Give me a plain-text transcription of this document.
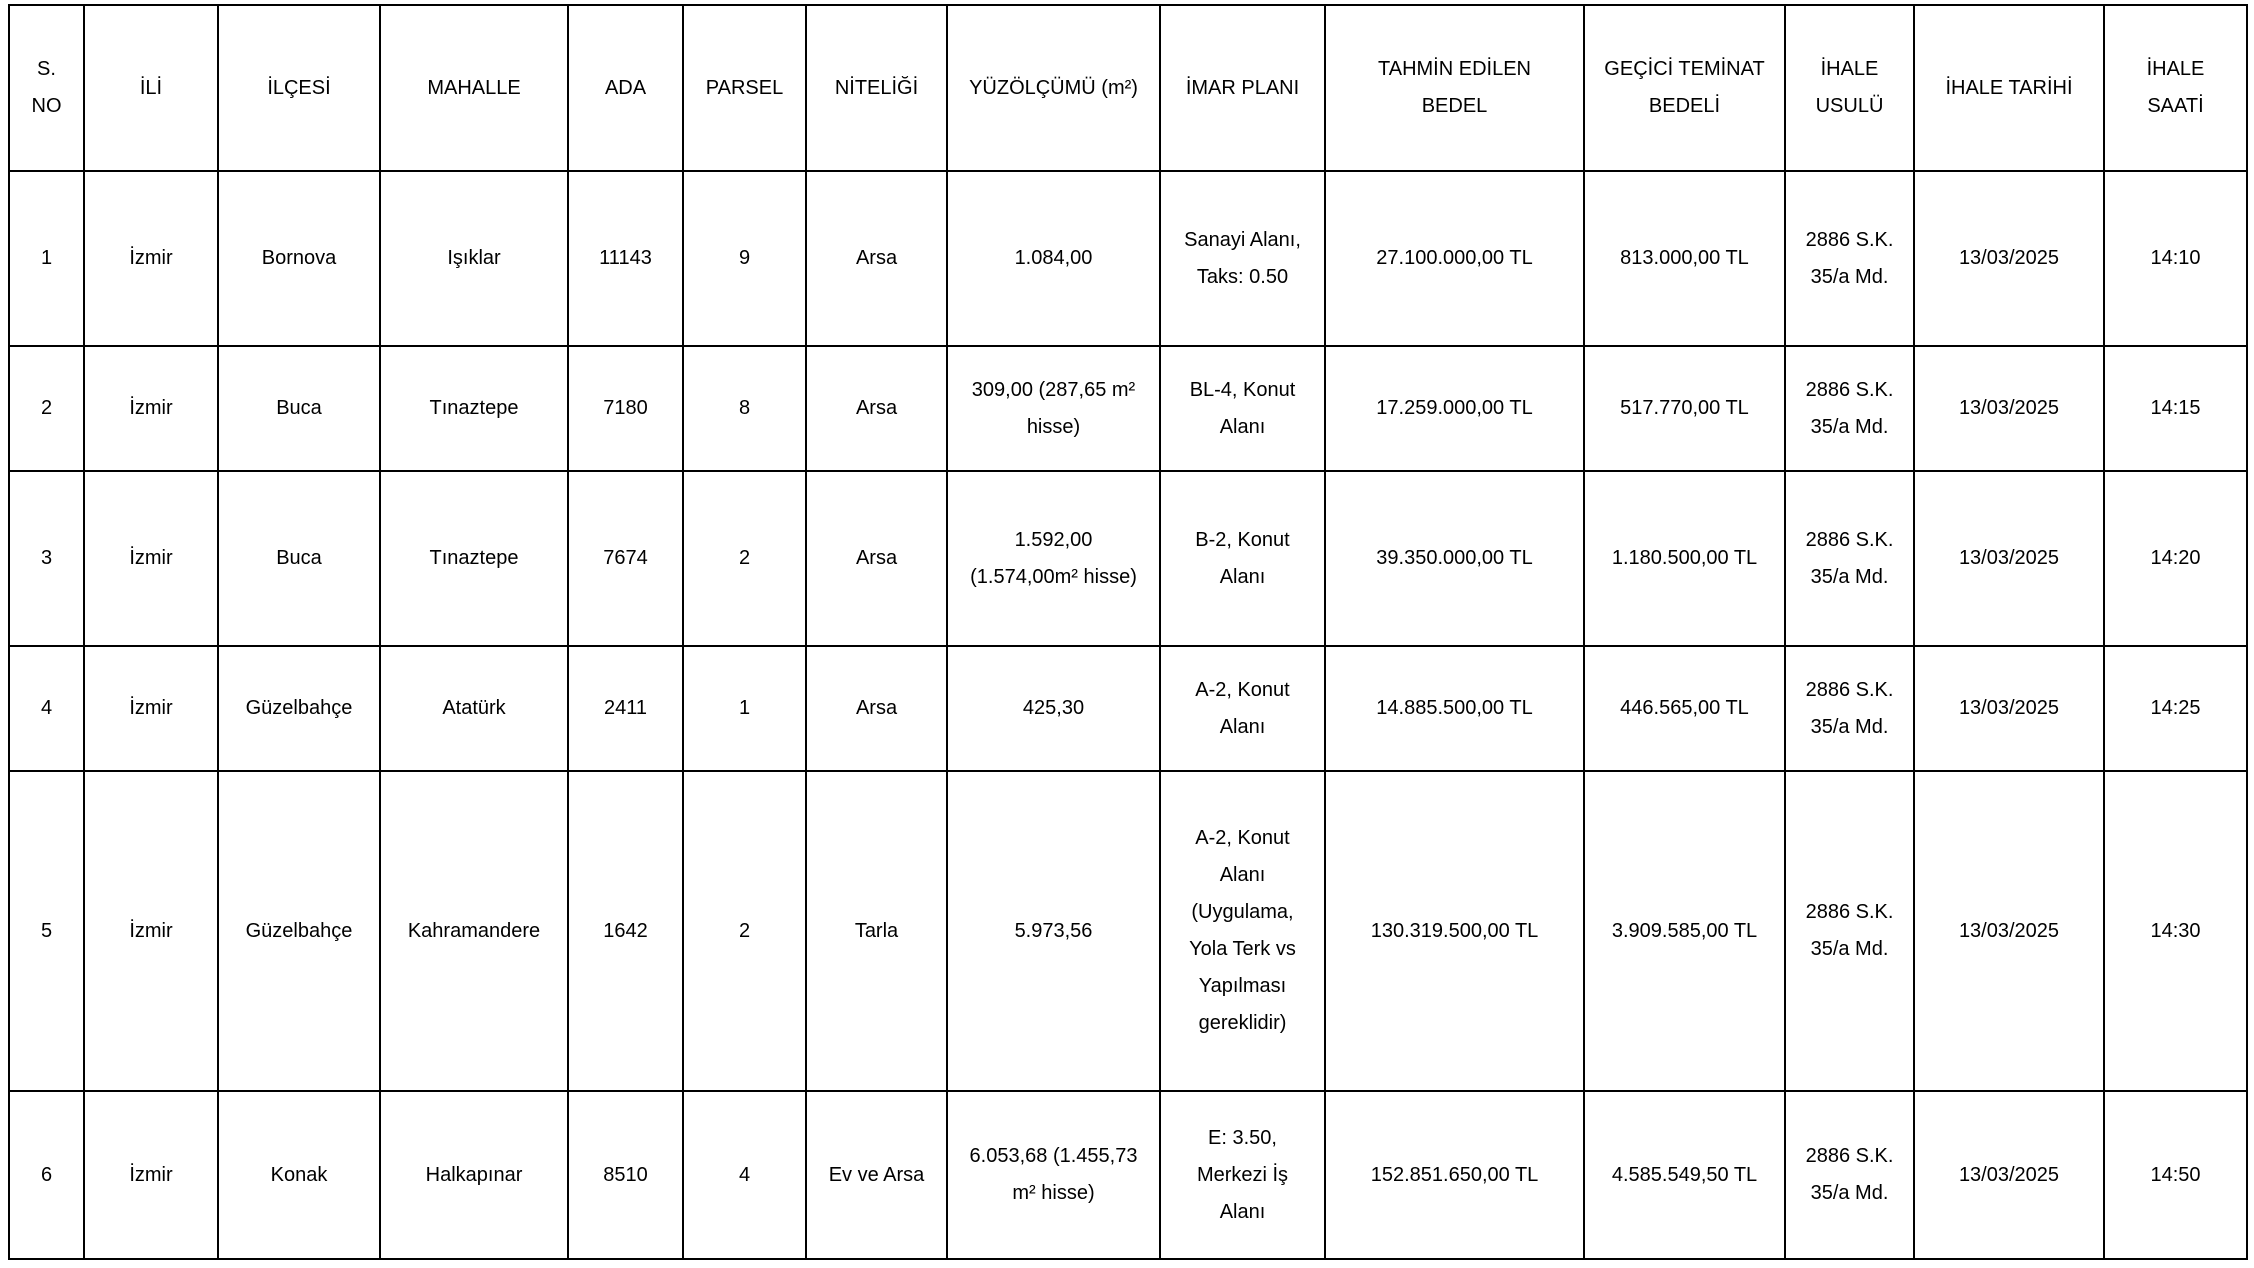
S. NO	İLİ	İLÇESİ	MAHALLE	ADA	PARSEL	NİTELİĞİ	YÜZÖLÇÜMÜ (m²)	İMAR PLANI	TAHMİN EDİLEN BEDEL	GEÇİCİ TEMİNAT BEDELİ	İHALE USULÜ	İHALE TARİHİ	İHALE SAATİ
1	İzmir	Bornova	Işıklar	11143	9	Arsa	1.084,00	Sanayi Alanı, Taks: 0.50	27.100.000,00 TL	813.000,00 TL	2886 S.K. 35/a Md.	13/03/2025	14:10
2	İzmir	Buca	Tınaztepe	7180	8	Arsa	309,00 (287,65 m² hisse)	BL-4, Konut Alanı	17.259.000,00 TL	517.770,00 TL	2886 S.K. 35/a Md.	13/03/2025	14:15
3	İzmir	Buca	Tınaztepe	7674	2	Arsa	1.592,00 (1.574,00m² hisse)	B-2, Konut Alanı	39.350.000,00 TL	1.180.500,00 TL	2886 S.K. 35/a Md.	13/03/2025	14:20
4	İzmir	Güzelbahçe	Atatürk	2411	1	Arsa	425,30	A-2, Konut Alanı	14.885.500,00 TL	446.565,00 TL	2886 S.K. 35/a Md.	13/03/2025	14:25
5	İzmir	Güzelbahçe	Kahramandere	1642	2	Tarla	5.973,56	A-2, Konut Alanı (Uygulama, Yola Terk vs Yapılması gereklidir)	130.319.500,00 TL	3.909.585,00 TL	2886 S.K. 35/a Md.	13/03/2025	14:30
6	İzmir	Konak	Halkapınar	8510	4	Ev ve Arsa	6.053,68 (1.455,73 m² hisse)	E: 3.50, Merkezi İş Alanı	152.851.650,00 TL	4.585.549,50 TL	2886 S.K. 35/a Md.	13/03/2025	14:50
